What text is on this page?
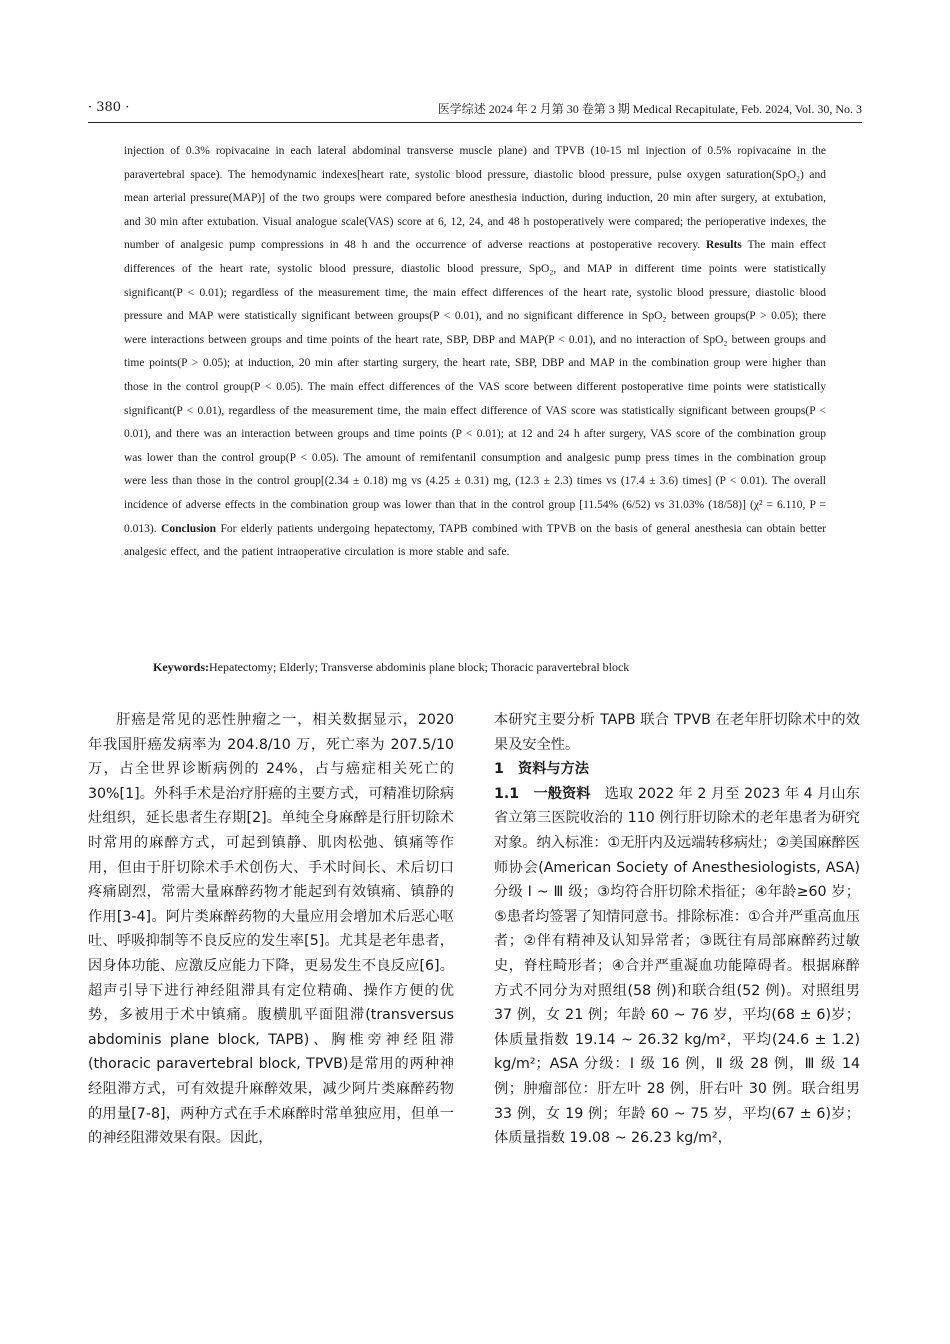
· 380 ·	医学综述 2024 年 2 月第 30 卷第 3 期 Medical Recapitulate, Feb. 2024, Vol. 30, No. 3
injection of 0.3% ropivacaine in each lateral abdominal transverse muscle plane) and TPVB (10-15 ml injection of 0.5% ropivacaine in the paravertebral space). The hemodynamic indexes[heart rate, systolic blood pressure, diastolic blood pressure, pulse oxygen saturation(SpO₂) and mean arterial pressure(MAP)] of the two groups were compared before anesthesia induction, during induction, 20 min after surgery, at extubation, and 30 min after extubation. Visual analogue scale(VAS) score at 6, 12, 24, and 48 h postoperatively were compared; the perioperative indexes, the number of analgesic pump compressions in 48 h and the occurrence of adverse reactions at postoperative recovery. Results The main effect differences of the heart rate, systolic blood pressure, diastolic blood pressure, SpO₂, and MAP in different time points were statistically significant(P < 0.01); regardless of the measurement time, the main effect differences of the heart rate, systolic blood pressure, diastolic blood pressure and MAP were statistically significant between groups(P < 0.01), and no significant difference in SpO₂ between groups(P > 0.05); there were interactions between groups and time points of the heart rate, SBP, DBP and MAP(P < 0.01), and no interaction of SpO₂ between groups and time points(P > 0.05); at induction, 20 min after starting surgery, the heart rate, SBP, DBP and MAP in the combination group were higher than those in the control group(P < 0.05). The main effect differences of the VAS score between different postoperative time points were statistically significant(P < 0.01), regardless of the measurement time, the main effect difference of VAS score was statistically significant between groups(P < 0.01), and there was an interaction between groups and time points (P < 0.01); at 12 and 24 h after surgery, VAS score of the combination group was lower than the control group(P < 0.05). The amount of remifentanil consumption and analgesic pump press times in the combination group were less than those in the control group[(2.34 ± 0.18) mg vs (4.25 ± 0.31) mg, (12.3 ± 2.3) times vs (17.4 ± 3.6) times] (P < 0.01). The overall incidence of adverse effects in the combination group was lower than that in the control group [11.54% (6/52) vs 31.03% (18/58)] (χ² = 6.110, P = 0.013). Conclusion For elderly patients undergoing hepatectomy, TAPB combined with TPVB on the basis of general anesthesia can obtain better analgesic effect, and the patient intraoperative circulation is more stable and safe.
Keywords:Hepatectomy; Elderly; Transverse abdominis plane block; Thoracic paravertebral block

肝癌是常见的恶性肿瘤之一，相关数据显示，2020 年我国肝癌发病率为 204.8/10 万，死亡率为 207.5/10 万，占全世界诊断病例的 24%，占与癌症相关死亡的 30%[1]。外科手术是治疗肝癌的主要方式，可精准切除病灶组织，延长患者生存期[2]。单纯全身麻醉是行肝切除术时常用的麻醉方式，可起到镇静、肌肉松弛、镇痛等作用，但由于肝切除术手术创伤大、手术时间长、术后切口疼痛剧烈，常需大量麻醉药物才能起到有效镇痛、镇静的作用[3-4]。阿片类麻醉药物的大量应用会增加术后恶心呕吐、呼吸抑制等不良反应的发生率[5]。尤其是老年患者，因身体功能、应激反应能力下降，更易发生不良反应[6]。超声引导下进行神经阻滞具有定位精确、操作方便的优势，多被用于术中镇痛。腹横肌平面阻滞(transversus abdominis plane block, TAPB)、胸椎旁神经阻滞(thoracic paravertebral block, TPVB)是常用的两种神经阻滞方式，可有效提升麻醉效果，减少阿片类麻醉药物的用量[7-8]，两种方式在手术麻醉时常单独应用，但单一的神经阻滞效果有限。因此，

本研究主要分析 TAPB 联合 TPVB 在老年肝切除术中的效果及安全性。

1　资料与方法

1.1　一般资料　 选取 2022 年 2 月至 2023 年 4 月山东省立第三医院收治的 110 例行肝切除术的老年患者为研究对象。纳入标准：①无肝内及远端转移病灶；②美国麻醉医师协会(American Society of Anesthesiologists, ASA)分级 Ⅰ ~ Ⅲ 级；③均符合肝切除术指征；④年龄≥60 岁；⑤患者均签署了知情同意书。排除标准：①合并严重高血压者；②伴有精神及认知异常者；③既往有局部麻醉药过敏史，脊柱畸形者；④合并严重凝血功能障碍者。根据麻醉方式不同分为对照组(58 例)和联合组(52 例)。对照组男 37 例，女 21 例；年龄 60 ~ 76 岁，平均(68 ± 6)岁；体质量指数 19.14 ~ 26.32 kg/m²，平均(24.6 ± 1.2) kg/m²；ASA 分级：Ⅰ 级 16 例，Ⅱ 级 28 例，Ⅲ 级 14 例；肿瘤部位：肝左叶 28 例，肝右叶 30 例。联合组男 33 例，女 19 例；年龄 60 ~ 75 岁，平均(67 ± 6)岁；体质量指数 19.08 ~ 26.23 kg/m²，
